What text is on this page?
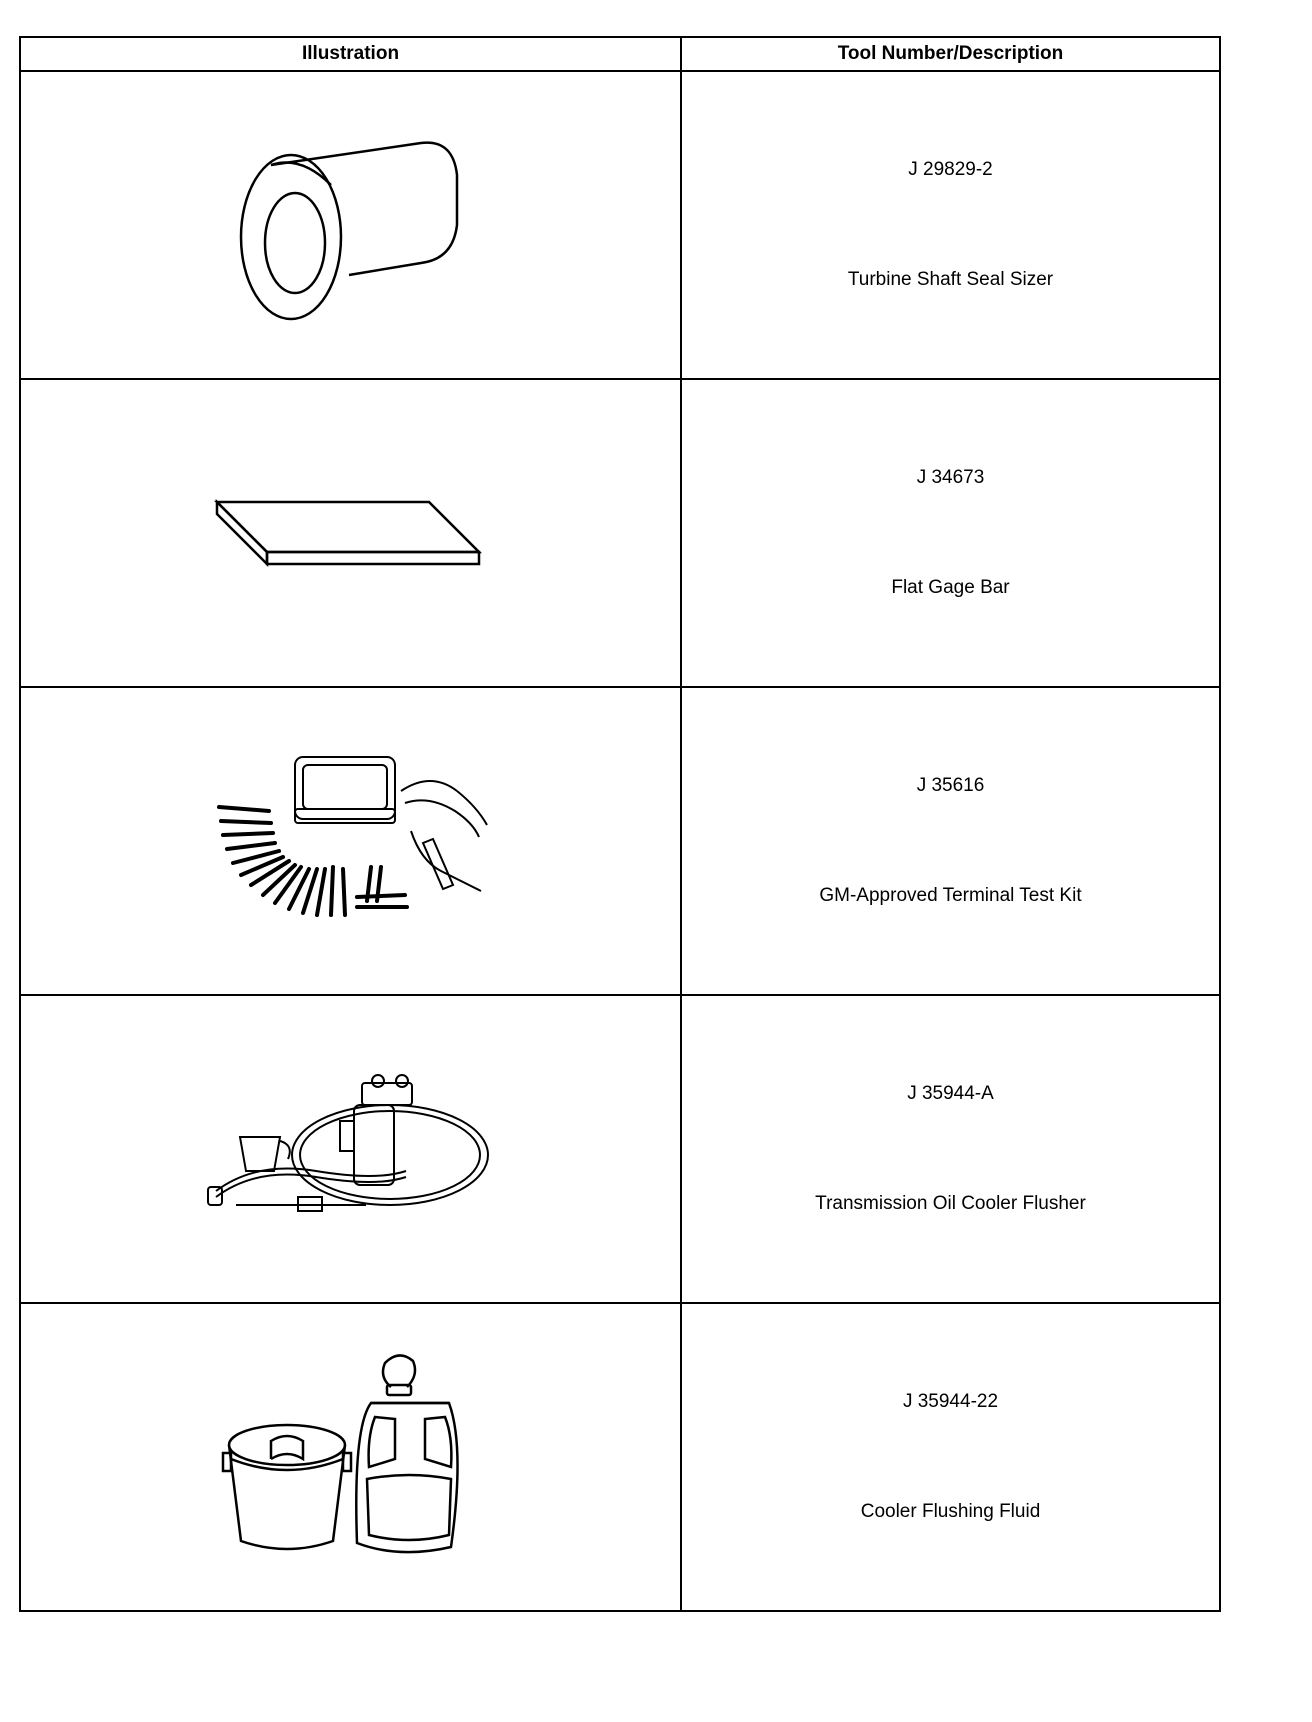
Illustration	Tool Number/Description

J 29829-2
Turbine Shaft Seal Sizer

J 34673
Flat Gage Bar

J 35616
GM-Approved Terminal Test Kit

J 35944-A
Transmission Oil Cooler Flusher

J 35944-22
Cooler Flushing Fluid
